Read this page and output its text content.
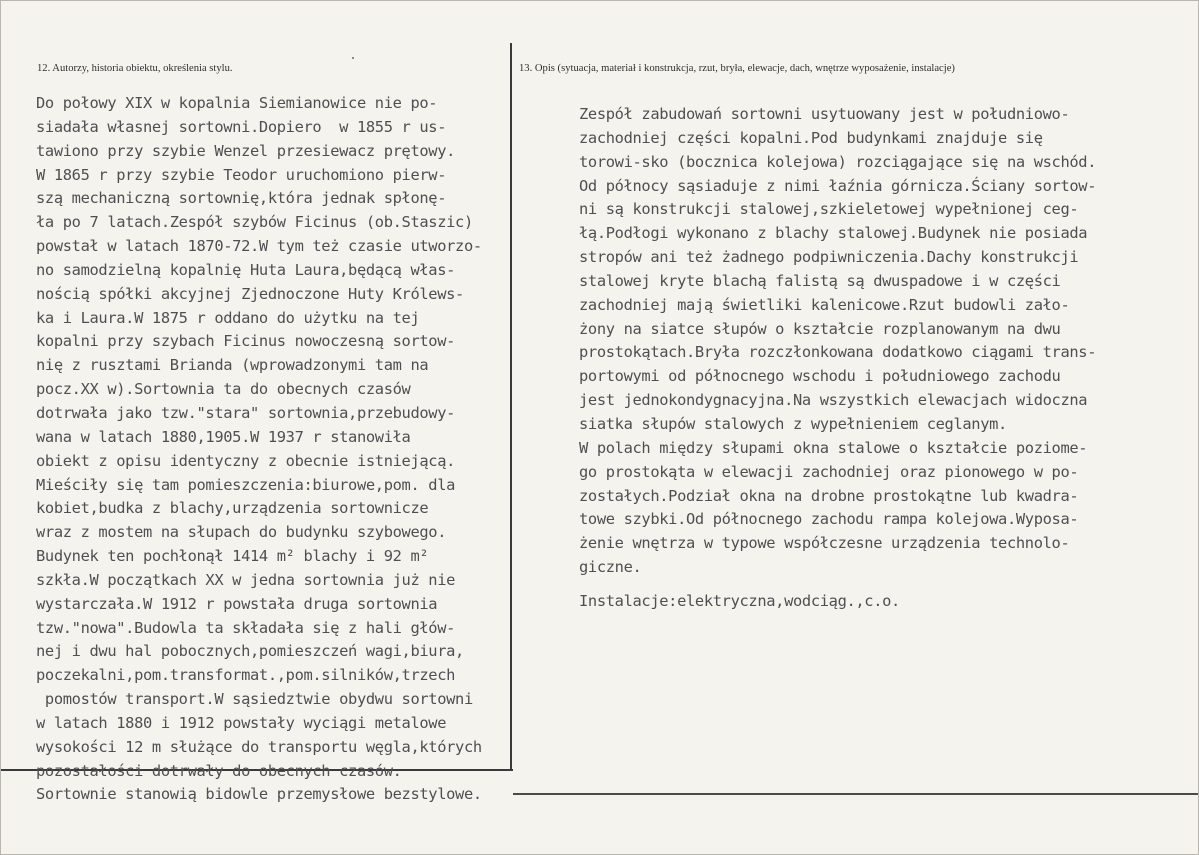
12. Autorzy, historia obiektu, określenia stylu.	13. Opis (sytuacja, materiał i konstrukcja, rzut, bryła, elewacje, dach, wnętrze wyposażenie, instalacje)
Do połowy XIX w kopalnia Siemianowice nie po-
siadała własnej sortowni.Dopiero  w 1855 r us-
tawiono przy szybie Wenzel przesiewacz prętowy.
W 1865 r przy szybie Teodor uruchomiono pierw-
szą mechaniczną sortownię,która jednak spłonę-
ła po 7 latach.Zespół szybów Ficinus (ob.Staszic)
powstał w latach 1870-72.W tym też czasie utworzo-
no samodzielną kopalnię Huta Laura,będącą włas-
nością spółki akcyjnej Zjednoczone Huty Królews-
ka i Laura.W 1875 r oddano do użytku na tej
kopalni przy szybach Ficinus nowoczesną sortow-
nię z rusztami Brianda (wprowadzonymi tam na
pocz.XX w).Sortownia ta do obecnych czasów
dotrwała jako tzw."stara" sortownia,przebudowy-
wana w latach 1880,1905.W 1937 r stanowiła
obiekt z opisu identyczny z obecnie istniejącą.
Mieściły się tam pomieszczenia:biurowe,pom. dla
kobiet,budka z blachy,urządzenia sortownicze
wraz z mostem na słupach do budynku szybowego.
Budynek ten pochłonął 1414 m² blachy i 92 m²
szkła.W początkach XX w jedna sortownia już nie
wystarczała.W 1912 r powstała druga sortownia
tzw."nowa".Budowla ta składała się z hali głów-
nej i dwu hal pobocznych,pomieszczeń wagi,biura,
poczekalni,pom.transformat.,pom.silników,trzech
pomostów transport.W sąsiedztwie obydwu sortowni
w latach 1880 i 1912 powstały wyciągi metalowe
wysokości 12 m służące do transportu węgla,których
pozostałości dotrwały do obecnych czasów.
Sortownie stanowią bidowle przemysłowe bezstylowe.
Zespół zabudowań sortowni usytuowany jest w południowo-
zachodniej części kopalni.Pod budynkami znajduje się
torowi-sko (bocznica kolejowa) rozciągające się na wschód.
Od północy sąsiaduje z nimi łaźnia górnicza.Ściany sortow-
ni są konstrukcji stalowej,szkieletowej wypełnionej ceg-
łą.Podłogi wykonano z blachy stalowej.Budynek nie posiada
stropów ani też żadnego podpiwniczenia.Dachy konstrukcji
stalowej kryte blachą falistą są dwuspadowe i w części
zachodniej mają świetliki kalenicowe.Rzut budowli zało-
żony na siatce słupów o kształcie rozplanowanym na dwu
prostokątach.Bryła rozczłonkowana dodatkowo ciągami trans-
portowymi od północnego wschodu i południowego zachodu
jest jednokondygnacyjna.Na wszystkich elewacjach widoczna
siatka słupów stalowych z wypełnieniem ceglanym.
W polach między słupami okna stalowe o kształcie poziome-
go prostokąta w elewacji zachodniej oraz pionowego w po-
zostałych.Podział okna na drobne prostokątne lub kwadra-
towe szybki.Od północnego zachodu rampa kolejowa.Wyposa-
żenie wnętrza w typowe współczesne urządzenia technolo-
giczne.
Instalacje:elektryczna,wodciąg.,c.o.
